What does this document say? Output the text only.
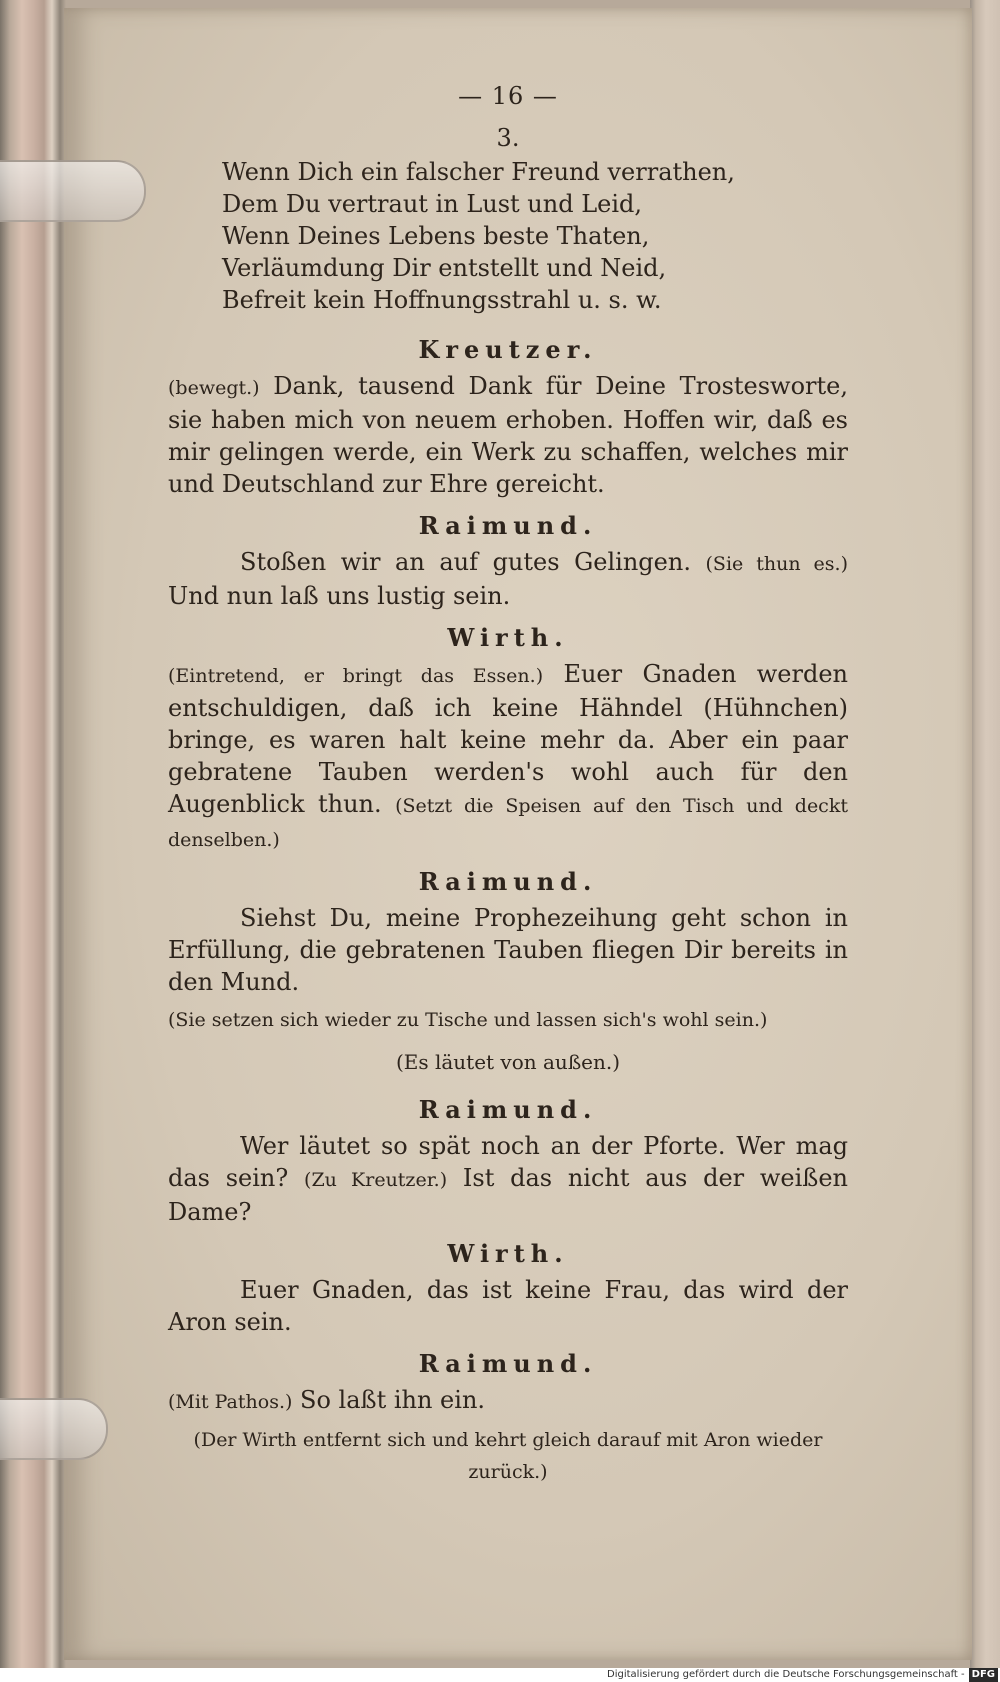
— 16 —
3.
Wenn Dich ein falscher Freund verrathen,
Dem Du vertraut in Lust und Leid,
Wenn Deines Lebens beste Thaten,
Verläumdung Dir entstellt und Neid,
Befreit kein Hoffnungsstrahl u. s. w.
Kreutzer.

(bewegt.) Dank, tausend Dank für Deine Trostesworte, sie haben mich von neuem erhoben. Hoffen wir, daß es mir gelingen werde, ein Werk zu schaffen, welches mir und Deutschland zur Ehre gereicht.

Raimund.

Stoßen wir an auf gutes Gelingen. (Sie thun es.) Und nun laß uns lustig sein.

Wirth.

(Eintretend, er bringt das Essen.) Euer Gnaden werden entschuldigen, daß ich keine Hähndel (Hühnchen) bringe, es waren halt keine mehr da. Aber ein paar gebratene Tauben werden's wohl auch für den Augenblick thun. (Setzt die Speisen auf den Tisch und deckt denselben.)

Raimund.

Siehst Du, meine Prophezeihung geht schon in Erfüllung, die gebratenen Tauben fliegen Dir bereits in den Mund.

(Sie setzen sich wieder zu Tische und lassen sich's wohl sein.)
(Es läutet von außen.)
Raimund.

Wer läutet so spät noch an der Pforte. Wer mag das sein? (Zu Kreutzer.) Ist das nicht aus der weißen Dame?

Wirth.

Euer Gnaden, das ist keine Frau, das wird der Aron sein.

Raimund.

(Mit Pathos.) So laßt ihn ein.

(Der Wirth entfernt sich und kehrt gleich darauf mit Aron wieder zurück.)
Digitalisierung gefördert durch die Deutsche Forschungsgemeinschaft - DFG
